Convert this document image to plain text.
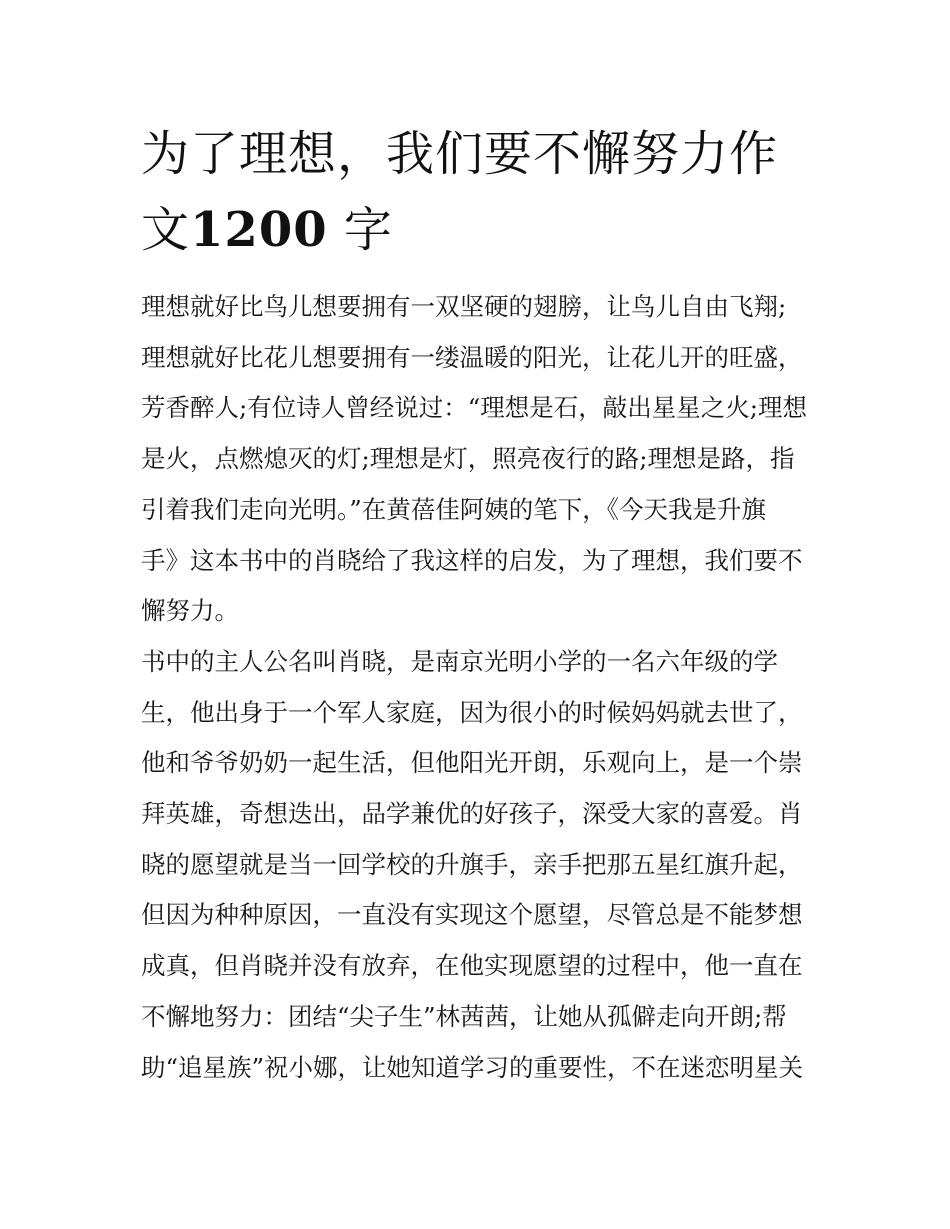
为了理想，我们要不懈努力作
文1200 字

理想就好比鸟儿想要拥有一双坚硬的翅膀，让鸟儿自由飞翔;
理想就好比花儿想要拥有一缕温暖的阳光，让花儿开的旺盛，
芳香醉人;有位诗人曾经说过：“理想是石，敲出星星之火;理想
是火，点燃熄灭的灯;理想是灯，照亮夜行的路;理想是路，指
引着我们走向光明。”在黄蓓佳阿姨的笔下，《今天我是升旗
手》这本书中的肖晓给了我这样的启发，为了理想，我们要不
懈努力。

书中的主人公名叫肖晓，是南京光明小学的一名六年级的学
生，他出身于一个军人家庭，因为很小的时候妈妈就去世了，
他和爷爷奶奶一起生活，但他阳光开朗，乐观向上，是一个崇
拜英雄，奇想迭出，品学兼优的好孩子，深受大家的喜爱。肖
晓的愿望就是当一回学校的升旗手，亲手把那五星红旗升起，
但因为种种原因，一直没有实现这个愿望，尽管总是不能梦想
成真，但肖晓并没有放弃，在他实现愿望的过程中，他一直在
不懈地努力：团结“尖子生”林茜茜，让她从孤僻走向开朗;帮
助“追星族”祝小娜，让她知道学习的重要性，不在迷恋明星关
